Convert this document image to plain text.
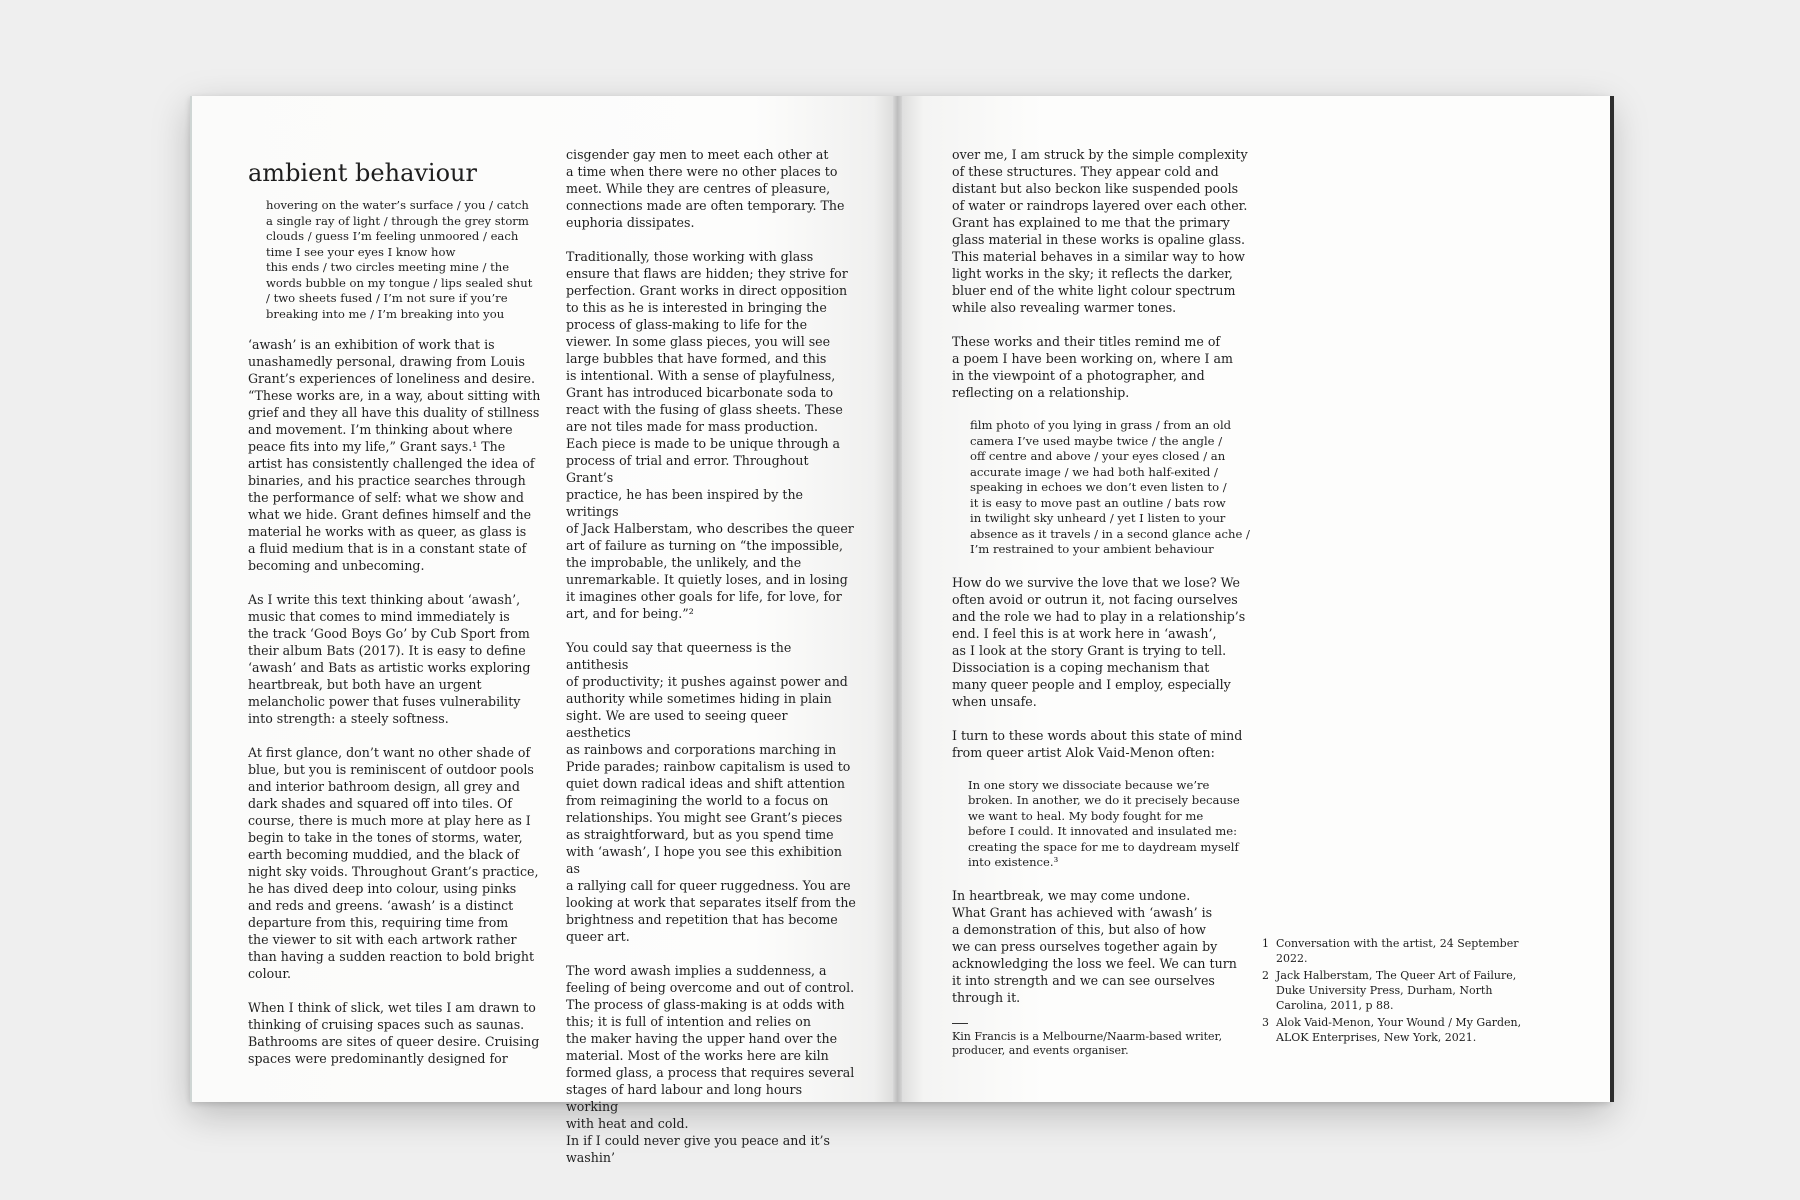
ambient behaviour

hovering on the water’s surface / you / catch
a single ray of light / through the grey storm
clouds / guess I’m feeling unmoored / each
time I see your eyes I know how
this ends / two circles meeting mine / the
words bubble on my tongue / lips sealed shut
/ two sheets fused / I’m not sure if you’re
breaking into me / I’m breaking into you

‘awash’ is an exhibition of work that is
unashamedly personal, drawing from Louis
Grant’s experiences of loneliness and desire.
“These works are, in a way, about sitting with
grief and they all have this duality of stillness
and movement. I’m thinking about where
peace fits into my life,” Grant says.¹ The
artist has consistently challenged the idea of
binaries, and his practice searches through
the performance of self: what we show and
what we hide. Grant defines himself and the
material he works with as queer, as glass is
a fluid medium that is in a constant state of
becoming and unbecoming.

As I write this text thinking about ‘awash’,
music that comes to mind immediately is
the track ‘Good Boys Go’ by Cub Sport from
their album Bats (2017). It is easy to define
‘awash’ and Bats as artistic works exploring
heartbreak, but both have an urgent
melancholic power that fuses vulnerability
into strength: a steely softness.

At first glance, don’t want no other shade of
blue, but you is reminiscent of outdoor pools
and interior bathroom design, all grey and
dark shades and squared off into tiles. Of
course, there is much more at play here as I
begin to take in the tones of storms, water,
earth becoming muddied, and the black of
night sky voids. Throughout Grant’s practice,
he has dived deep into colour, using pinks
and reds and greens. ‘awash’ is a distinct
departure from this, requiring time from
the viewer to sit with each artwork rather
than having a sudden reaction to bold bright
colour.

When I think of slick, wet tiles I am drawn to
thinking of cruising spaces such as saunas.
Bathrooms are sites of queer desire. Cruising
spaces were predominantly designed for

cisgender gay men to meet each other at
a time when there were no other places to
meet. While they are centres of pleasure,
connections made are often temporary. The
euphoria dissipates.

Traditionally, those working with glass
ensure that flaws are hidden; they strive for
perfection. Grant works in direct opposition
to this as he is interested in bringing the
process of glass-making to life for the
viewer. In some glass pieces, you will see
large bubbles that have formed, and this
is intentional. With a sense of playfulness,
Grant has introduced bicarbonate soda to
react with the fusing of glass sheets. These
are not tiles made for mass production.
Each piece is made to be unique through a
process of trial and error. Throughout Grant’s
practice, he has been inspired by the writings
of Jack Halberstam, who describes the queer
art of failure as turning on “the impossible,
the improbable, the unlikely, and the
unremarkable. It quietly loses, and in losing
it imagines other goals for life, for love, for
art, and for being.”²

You could say that queerness is the antithesis
of productivity; it pushes against power and
authority while sometimes hiding in plain
sight. We are used to seeing queer aesthetics
as rainbows and corporations marching in
Pride parades; rainbow capitalism is used to
quiet down radical ideas and shift attention
from reimagining the world to a focus on
relationships. You might see Grant’s pieces
as straightforward, but as you spend time
with ‘awash’, I hope you see this exhibition as
a rallying call for queer ruggedness. You are
looking at work that separates itself from the
brightness and repetition that has become
queer art.

The word awash implies a suddenness, a
feeling of being overcome and out of control.
The process of glass-making is at odds with
this; it is full of intention and relies on
the maker having the upper hand over the
material. Most of the works here are kiln
formed glass, a process that requires several
stages of hard labour and long hours working
with heat and cold.
In if I could never give you peace and it’s washin’

over me, I am struck by the simple complexity
of these structures. They appear cold and
distant but also beckon like suspended pools
of water or raindrops layered over each other.
Grant has explained to me that the primary
glass material in these works is opaline glass.
This material behaves in a similar way to how
light works in the sky; it reflects the darker,
bluer end of the white light colour spectrum
while also revealing warmer tones.

These works and their titles remind me of
a poem I have been working on, where I am
in the viewpoint of a photographer, and
reflecting on a relationship.

film photo of you lying in grass / from an old
camera I’ve used maybe twice / the angle /
off centre and above / your eyes closed / an
accurate image / we had both half-exited /
speaking in echoes we don’t even listen to /
it is easy to move past an outline / bats row
in twilight sky unheard / yet I listen to your
absence as it travels / in a second glance ache /
I’m restrained to your ambient behaviour

How do we survive the love that we lose? We
often avoid or outrun it, not facing ourselves
and the role we had to play in a relationship’s
end. I feel this is at work here in ‘awash’,
as I look at the story Grant is trying to tell.
Dissociation is a coping mechanism that
many queer people and I employ, especially
when unsafe.

I turn to these words about this state of mind
from queer artist Alok Vaid-Menon often:

In one story we dissociate because we’re
broken. In another, we do it precisely because
we want to heal. My body fought for me
before I could. It innovated and insulated me:
creating the space for me to daydream myself
into existence.³

In heartbreak, we may come undone.
What Grant has achieved with ‘awash’ is
a demonstration of this, but also of how
we can press ourselves together again by
acknowledging the loss we feel. We can turn
it into strength and we can see ourselves
through it.

Kin Francis is a Melbourne/Naarm-based writer,
producer, and events organiser.

1 Conversation with the artist, 24 September
2022.
2 Jack Halberstam, The Queer Art of Failure,
Duke University Press, Durham, North
Carolina, 2011, p 88.
3 Alok Vaid-Menon, Your Wound / My Garden,
ALOK Enterprises, New York, 2021.
